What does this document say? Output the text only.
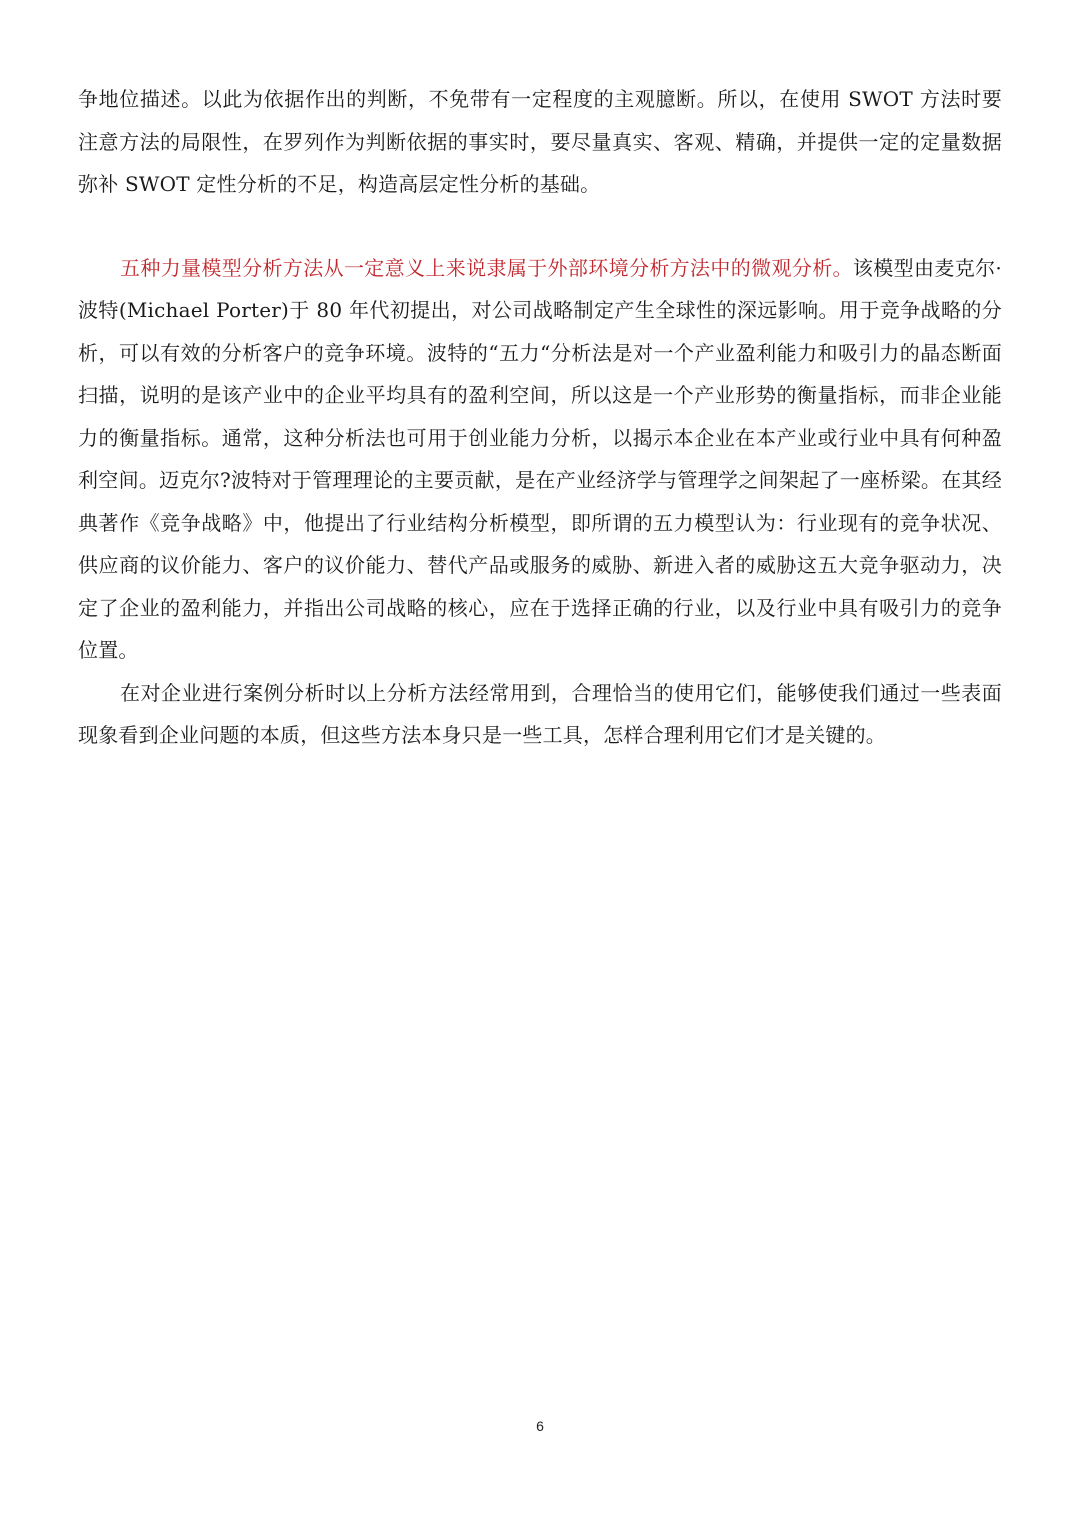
争地位描述。以此为依据作出的判断，不免带有一定程度的主观臆断。所以，在使用 SWOT 方法时要注意方法的局限性，在罗列作为判断依据的事实时，要尽量真实、客观、精确，并提供一定的定量数据弥补 SWOT 定性分析的不足，构造高层定性分析的基础。

五种力量模型分析方法从一定意义上来说隶属于外部环境分析方法中的微观分析。该模型由麦克尔·波特(Michael Porter)于 80 年代初提出，对公司战略制定产生全球性的深远影响。用于竞争战略的分析，可以有效的分析客户的竞争环境。波特的“五力“分析法是对一个产业盈利能力和吸引力的晶态断面扫描，说明的是该产业中的企业平均具有的盈利空间，所以这是一个产业形势的衡量指标，而非企业能力的衡量指标。通常，这种分析法也可用于创业能力分析，以揭示本企业在本产业或行业中具有何种盈利空间。迈克尔?波特对于管理理论的主要贡献，是在产业经济学与管理学之间架起了一座桥梁。在其经典著作《竞争战略》中，他提出了行业结构分析模型，即所谓的五力模型认为：行业现有的竞争状况、供应商的议价能力、客户的议价能力、替代产品或服务的威胁、新进入者的威胁这五大竞争驱动力，决定了企业的盈利能力，并指出公司战略的核心，应在于选择正确的行业，以及行业中具有吸引力的竞争位置。

在对企业进行案例分析时以上分析方法经常用到，合理恰当的使用它们，能够使我们通过一些表面现象看到企业问题的本质，但这些方法本身只是一些工具，怎样合理利用它们才是关键的。

6
